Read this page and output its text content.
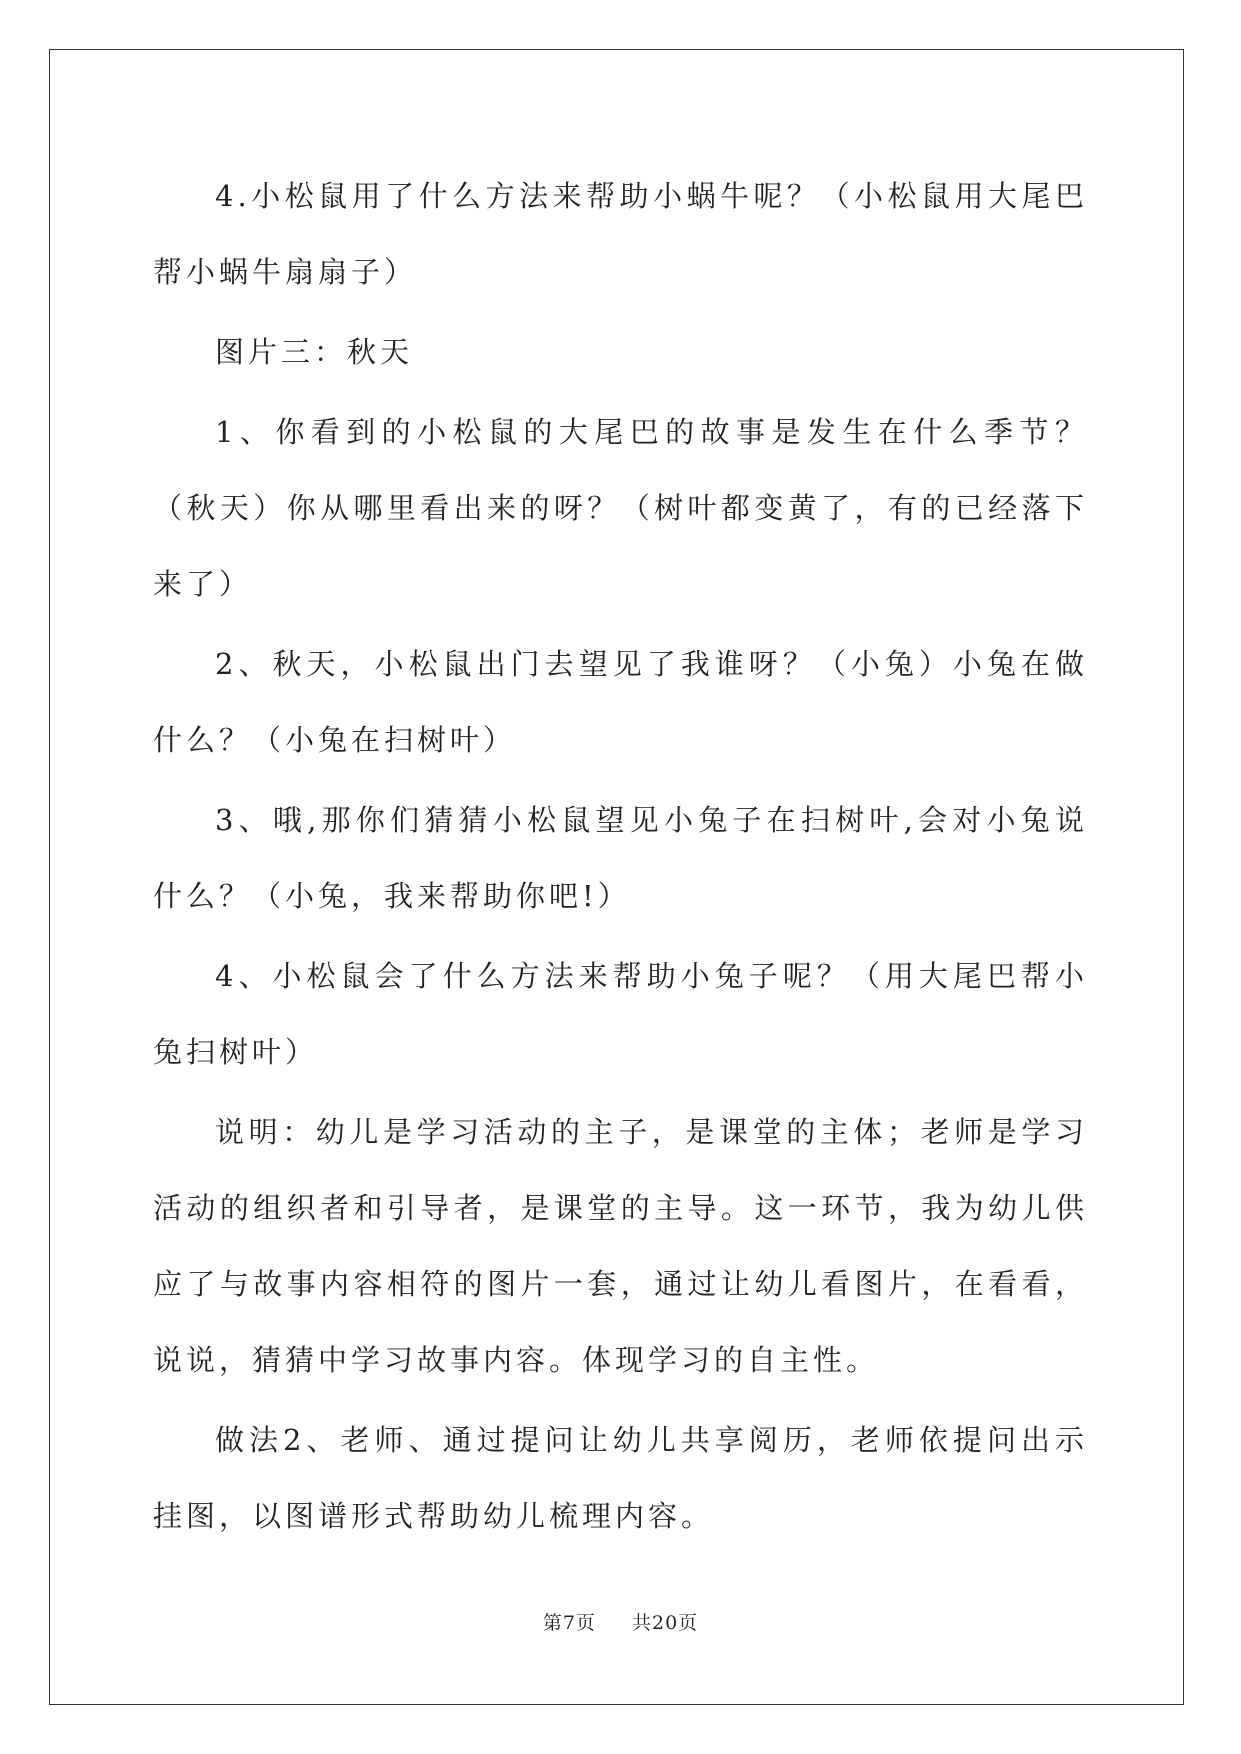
4.小松鼠用了什么方法来帮助小蜗牛呢？（小松鼠用大尾巴帮小蜗牛扇扇子）

图片三：秋天

1、你看到的小松鼠的大尾巴的故事是发生在什么季节？（秋天）你从哪里看出来的呀？（树叶都变黄了，有的已经落下来了）

2、秋天，小松鼠出门去望见了我谁呀？（小兔）小兔在做什么？（小兔在扫树叶）

3、哦,那你们猜猜小松鼠望见小兔子在扫树叶,会对小兔说什么？（小兔，我来帮助你吧!）

4、小松鼠会了什么方法来帮助小兔子呢？（用大尾巴帮小兔扫树叶）

说明：幼儿是学习活动的主子，是课堂的主体；老师是学习活动的组织者和引导者，是课堂的主导。这一环节，我为幼儿供应了与故事内容相符的图片一套，通过让幼儿看图片，在看看，说说，猜猜中学习故事内容。体现学习的自主性。

做法2、老师、通过提问让幼儿共享阅历，老师依提问出示挂图，以图谱形式帮助幼儿梳理内容。

第7页 共20页
